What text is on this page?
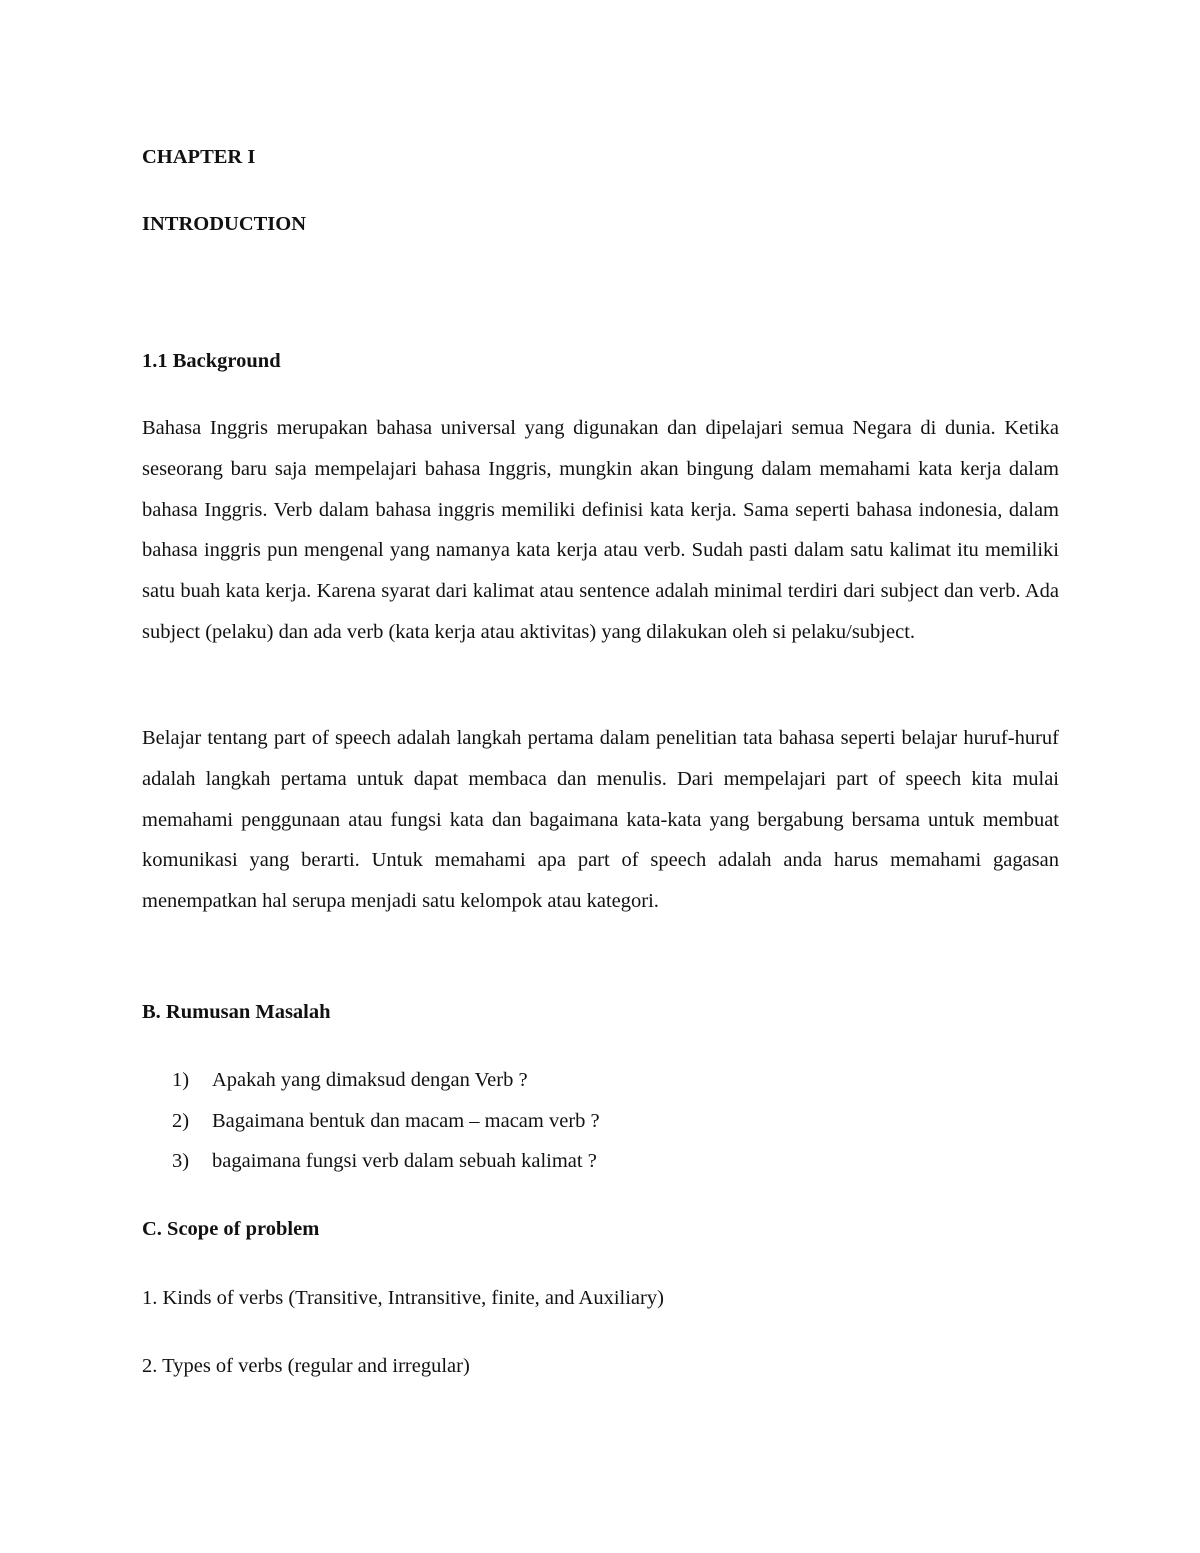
CHAPTER I
INTRODUCTION
1.1 Background

Bahasa Inggris merupakan bahasa universal yang digunakan dan dipelajari semua Negara di dunia. Ketika seseorang baru saja mempelajari bahasa Inggris, mungkin akan bingung dalam memahami kata kerja dalam bahasa Inggris. Verb dalam bahasa inggris memiliki definisi kata kerja. Sama seperti bahasa indonesia, dalam bahasa inggris pun mengenal yang namanya kata kerja atau verb. Sudah pasti dalam satu kalimat itu memiliki satu buah kata kerja. Karena syarat dari kalimat atau sentence adalah minimal terdiri dari subject dan verb. Ada subject (pelaku) dan ada verb (kata kerja atau aktivitas) yang dilakukan oleh si pelaku/subject.

Belajar tentang part of speech adalah langkah pertama dalam penelitian tata bahasa seperti belajar huruf-huruf adalah langkah pertama untuk dapat membaca dan menulis. Dari mempelajari part of speech kita mulai memahami penggunaan atau fungsi kata dan bagaimana kata-kata yang bergabung bersama untuk membuat komunikasi yang berarti. Untuk memahami apa part of speech adalah anda harus memahami gagasan menempatkan hal serupa menjadi satu kelompok atau kategori.

B. Rumusan Masalah
1) Apakah yang dimaksud dengan Verb ?
2) Bagaimana bentuk dan macam – macam verb ?
3) bagaimana fungsi verb dalam sebuah kalimat ?
C. Scope of problem
1. Kinds of verbs (Transitive, Intransitive, finite, and Auxiliary)
2. Types of verbs (regular and irregular)
